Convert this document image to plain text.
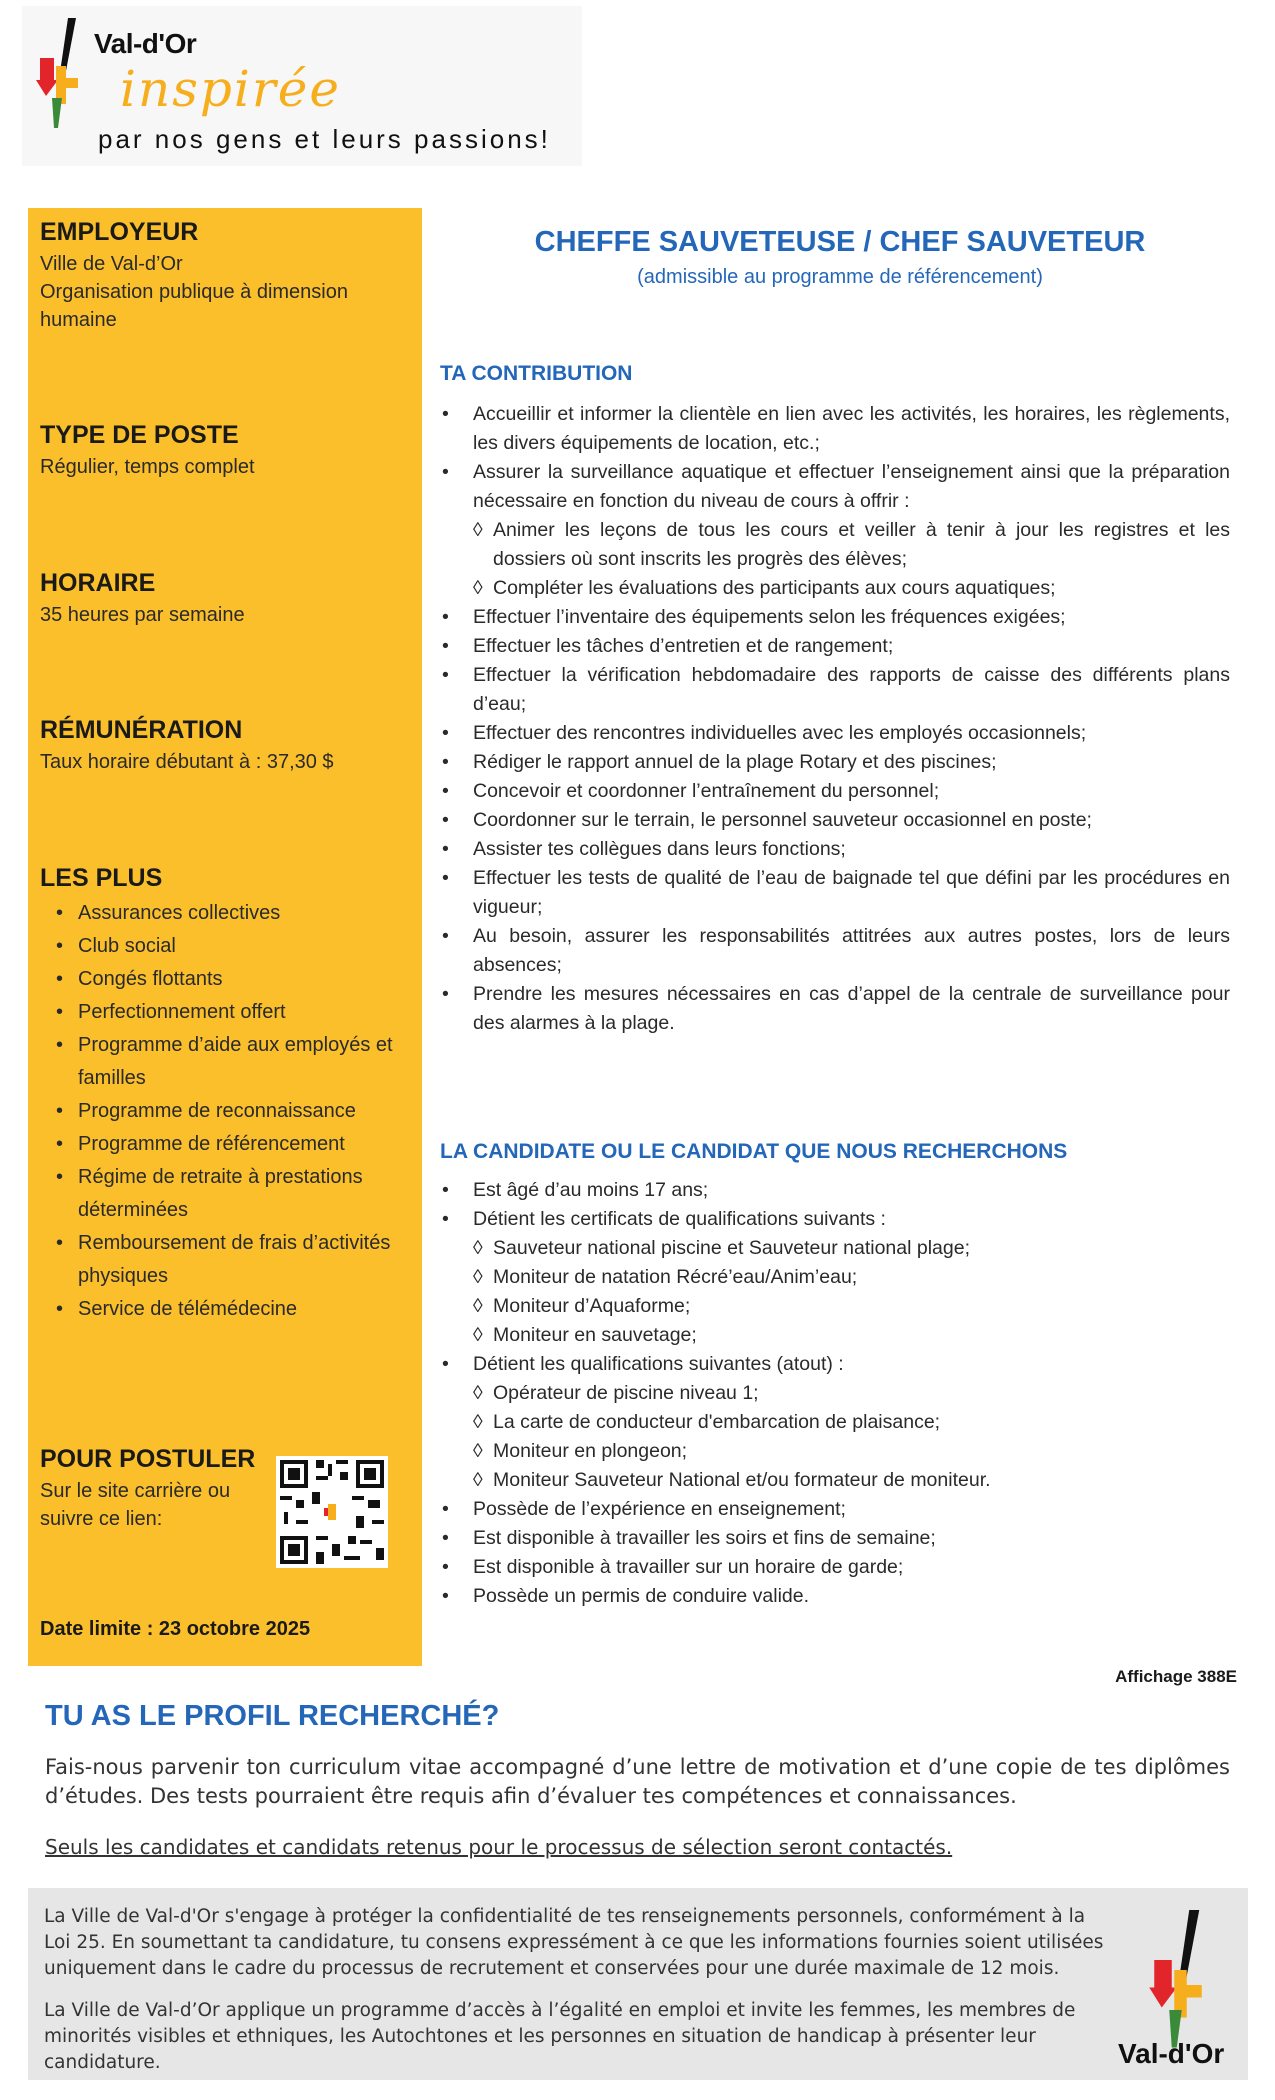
Val-d'Or
inspirée
par nos gens et leurs passions!
EMPLOYEUR
Ville de Val-d’Or
Organisation publique à dimension
humaine
TYPE DE POSTE
Régulier, temps complet
HORAIRE
35 heures par semaine
RÉMUNÉRATION
Taux horaire débutant à : 37,30 $
LES PLUS
• Assurances collectives
• Club social
• Congés flottants
• Perfectionnement offert
• Programme d’aide aux employés et familles
• Programme de reconnaissance
• Programme de référencement
• Régime de retraite à prestations déterminées
• Remboursement de frais d’activités physiques
• Service de télémédecine
POUR POSTULER
Sur le site carrière ou
suivre ce lien:
Date limite : 23 octobre 2025
CHEFFE SAUVETEUSE / CHEF SAUVETEUR
(admissible au programme de référencement)
TA CONTRIBUTION
• Accueillir et informer la clientèle en lien avec les activités, les horaires, les règlements, les divers équipements de location, etc.;
• Assurer la surveillance aquatique et effectuer l’enseignement ainsi que la préparation nécessaire en fonction du niveau de cours à offrir :
◊ Animer les leçons de tous les cours et veiller à tenir à jour les registres et les dossiers où sont inscrits les progrès des élèves;
◊ Compléter les évaluations des participants aux cours aquatiques;
• Effectuer l’inventaire des équipements selon les fréquences exigées;
• Effectuer les tâches d’entretien et de rangement;
• Effectuer la vérification hebdomadaire des rapports de caisse des différents plans d’eau;
• Effectuer des rencontres individuelles avec les employés occasionnels;
• Rédiger le rapport annuel de la plage Rotary et des piscines;
• Concevoir et coordonner l’entraînement du personnel;
• Coordonner sur le terrain, le personnel sauveteur occasionnel en poste;
• Assister tes collègues dans leurs fonctions;
• Effectuer les tests de qualité de l’eau de baignade tel que défini par les procédures en vigueur;
• Au besoin, assurer les responsabilités attitrées aux autres postes, lors de leurs absences;
• Prendre les mesures nécessaires en cas d’appel de la centrale de surveillance pour des alarmes à la plage.
LA CANDIDATE OU LE CANDIDAT QUE NOUS RECHERCHONS
• Est âgé d’au moins 17 ans;
• Détient les certificats de qualifications suivants :
◊ Sauveteur national piscine et Sauveteur national plage;
◊ Moniteur de natation Récré’eau/Anim’eau;
◊ Moniteur d’Aquaforme;
◊ Moniteur en sauvetage;
• Détient les qualifications suivantes (atout) :
◊ Opérateur de piscine niveau 1;
◊ La carte de conducteur d'embarcation de plaisance;
◊ Moniteur en plongeon;
◊ Moniteur Sauveteur National et/ou formateur de moniteur.
• Possède de l’expérience en enseignement;
• Est disponible à travailler les soirs et fins de semaine;
• Est disponible à travailler sur un horaire de garde;
• Possède un permis de conduire valide.
Affichage 388E
TU AS LE PROFIL RECHERCHÉ?
Fais-nous parvenir ton curriculum vitae accompagné d’une lettre de motivation et d’une copie de tes diplômes d’études. Des tests pourraient être requis afin d’évaluer tes compétences et connaissances.
Seuls les candidates et candidats retenus pour le processus de sélection seront contactés.

La Ville de Val-d'Or s'engage à protéger la confidentialité de tes renseignements personnels, conformément à la Loi 25. En soumettant ta candidature, tu consens expressément à ce que les informations fournies soient utilisées uniquement dans le cadre du processus de recrutement et conservées pour une durée maximale de 12 mois.

La Ville de Val-d’Or applique un programme d’accès à l’égalité en emploi et invite les femmes, les membres de minorités visibles et ethniques, les Autochtones et les personnes en situation de handicap à présenter leur candidature.	Val-d'Or
